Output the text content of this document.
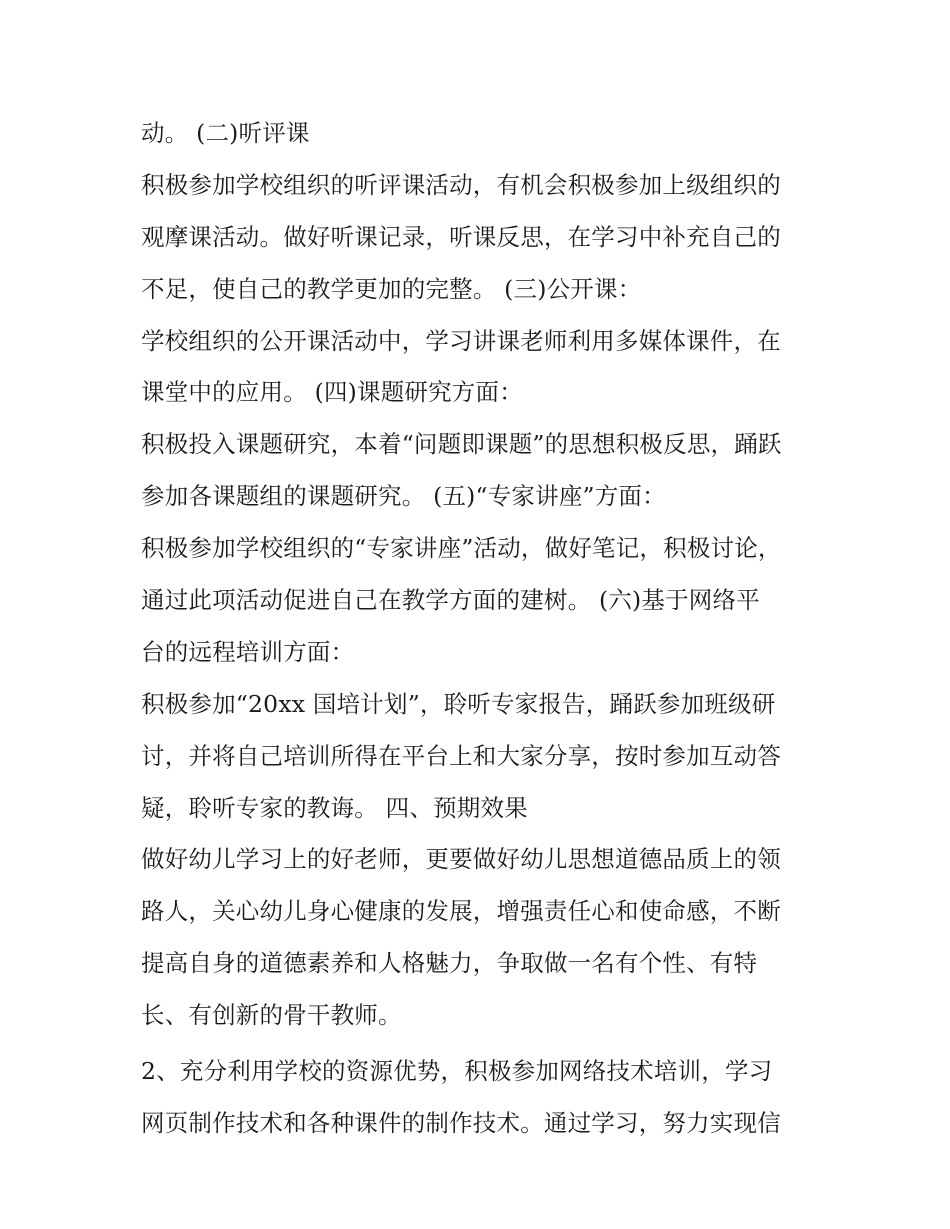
动。 (二)听评课
积极参加学校组织的听评课活动，有机会积极参加上级组织的
观摩课活动。做好听课记录，听课反思，在学习中补充自己的
不足，使自己的教学更加的完整。 (三)公开课：
学校组织的公开课活动中，学习讲课老师利用多媒体课件，在
课堂中的应用。 (四)课题研究方面：
积极投入课题研究，本着“问题即课题”的思想积极反思，踊跃
参加各课题组的课题研究。 (五)“专家讲座”方面：
积极参加学校组织的“专家讲座”活动，做好笔记，积极讨论，
通过此项活动促进自己在教学方面的建树。 (六)基于网络平
台的远程培训方面：
积极参加“20xx 国培计划”，聆听专家报告，踊跃参加班级研
讨，并将自己培训所得在平台上和大家分享，按时参加互动答
疑，聆听专家的教诲。 四、预期效果
做好幼儿学习上的好老师，更要做好幼儿思想道德品质上的领
路人，关心幼儿身心健康的发展，增强责任心和使命感，不断
提高自身的道德素养和人格魅力，争取做一名有个性、有特
长、有创新的骨干教师。
2、充分利用学校的资源优势，积极参加网络技术培训，学习
网页制作技术和各种课件的制作技术。通过学习，努力实现信
